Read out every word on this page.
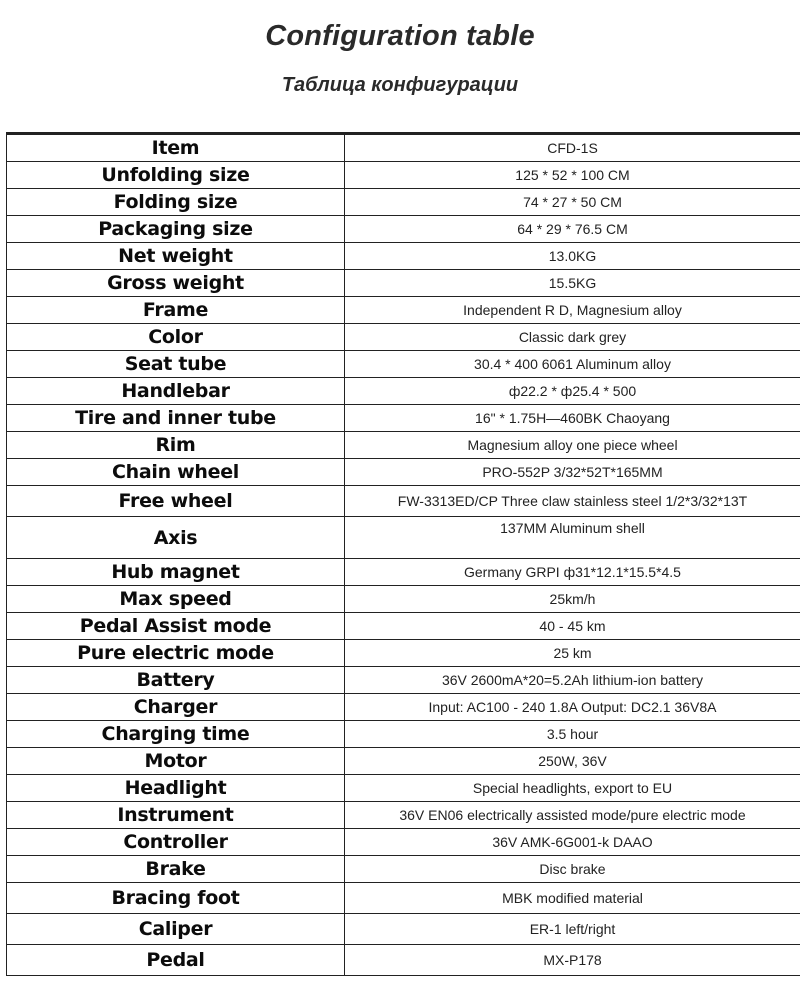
Configuration table
Таблица конфигурации
Item	CFD-1S
Unfolding size	125 * 52 * 100 CM
Folding size	74 * 27 * 50 CM
Packaging size	64 * 29 * 76.5 CM
Net weight	13.0KG
Gross weight	15.5KG
Frame	Independent R D, Magnesium alloy
Color	Classic dark grey
Seat tube	30.4 * 400 6061 Aluminum alloy
Handlebar	ф22.2 * ф25.4 * 500
Tire and inner tube	16" * 1.75H—460BK Chaoyang
Rim	Magnesium alloy one piece wheel
Chain wheel	PRO-552P 3/32*52T*165MM
Free wheel	FW-3313ED/CP Three claw stainless steel 1/2*3/32*13T
Axis	137MM Aluminum shell
Hub magnet	Germany GRPI ф31*12.1*15.5*4.5
Max speed	25km/h
Pedal Assist mode	40 - 45 km
Pure electric mode	25 km
Battery	36V 2600mA*20=5.2Ah lithium-ion battery
Charger	Input: AC100 - 240 1.8A Output: DC2.1 36V8A
Charging time	3.5 hour
Motor	250W, 36V
Headlight	Special headlights, export to EU
Instrument	36V EN06 electrically assisted mode/pure electric mode
Controller	36V AMK-6G001-k DAAO
Brake	Disc brake
Bracing foot	MBK modified material
Caliper	ER-1 left/right
Pedal	MX-P178
